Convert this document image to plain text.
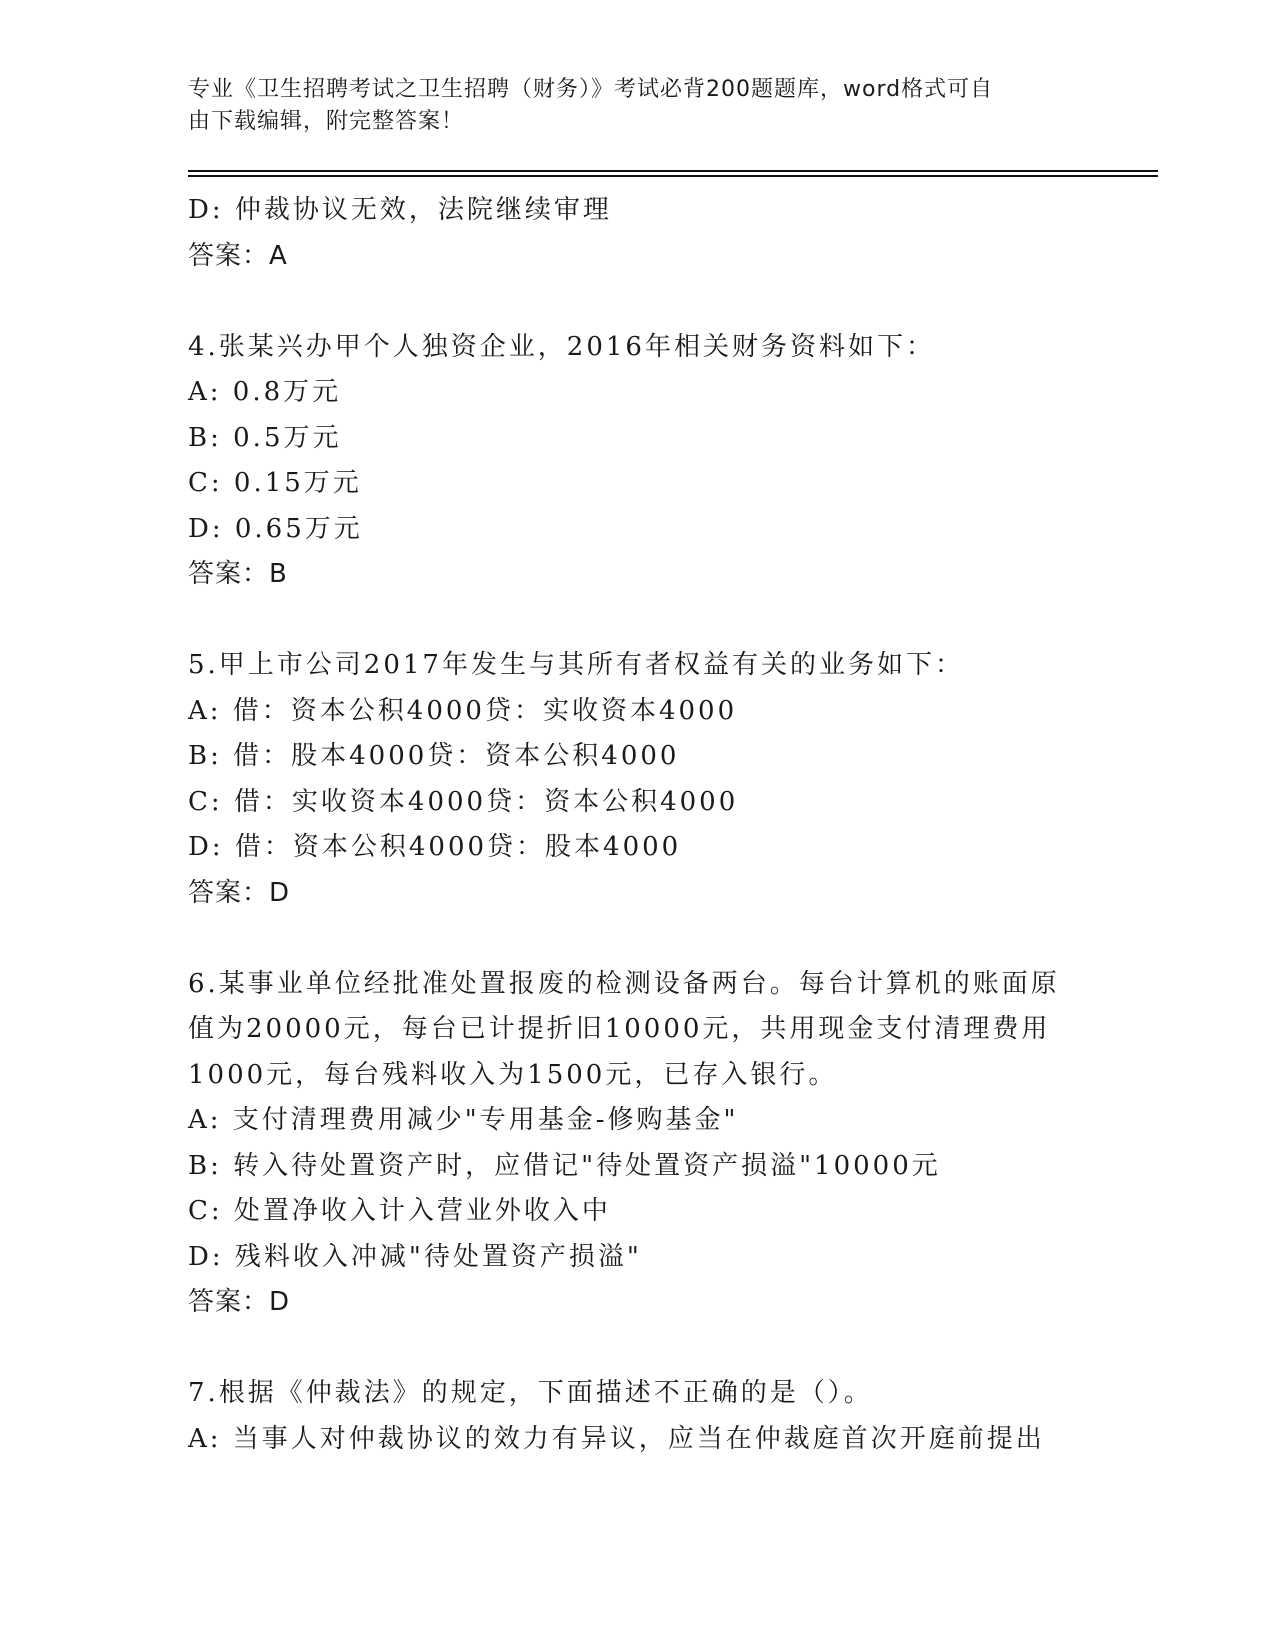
专业《卫生招聘考试之卫生招聘（财务）》考试必背200题题库，word格式可自
由下载编辑，附完整答案！
D: 仲裁协议无效，法院继续审理
答案：A
4.张某兴办甲个人独资企业，2016年相关财务资料如下：
A: 0.8万元
B: 0.5万元
C: 0.15万元
D: 0.65万元
答案：B
5.甲上市公司2017年发生与其所有者权益有关的业务如下：
A: 借：资本公积4000贷：实收资本4000
B: 借：股本4000贷：资本公积4000
C: 借：实收资本4000贷：资本公积4000
D: 借：资本公积4000贷：股本4000
答案：D
6.某事业单位经批准处置报废的检测设备两台。每台计算机的账面原
值为20000元，每台已计提折旧10000元，共用现金支付清理费用
1000元，每台残料收入为1500元，已存入银行。
A: 支付清理费用减少"专用基金-修购基金"
B: 转入待处置资产时，应借记"待处置资产损溢"10000元
C: 处置净收入计入营业外收入中
D: 残料收入冲减"待处置资产损溢"
答案：D
7.根据《仲裁法》的规定，下面描述不正确的是（）。
A: 当事人对仲裁协议的效力有异议，应当在仲裁庭首次开庭前提出
